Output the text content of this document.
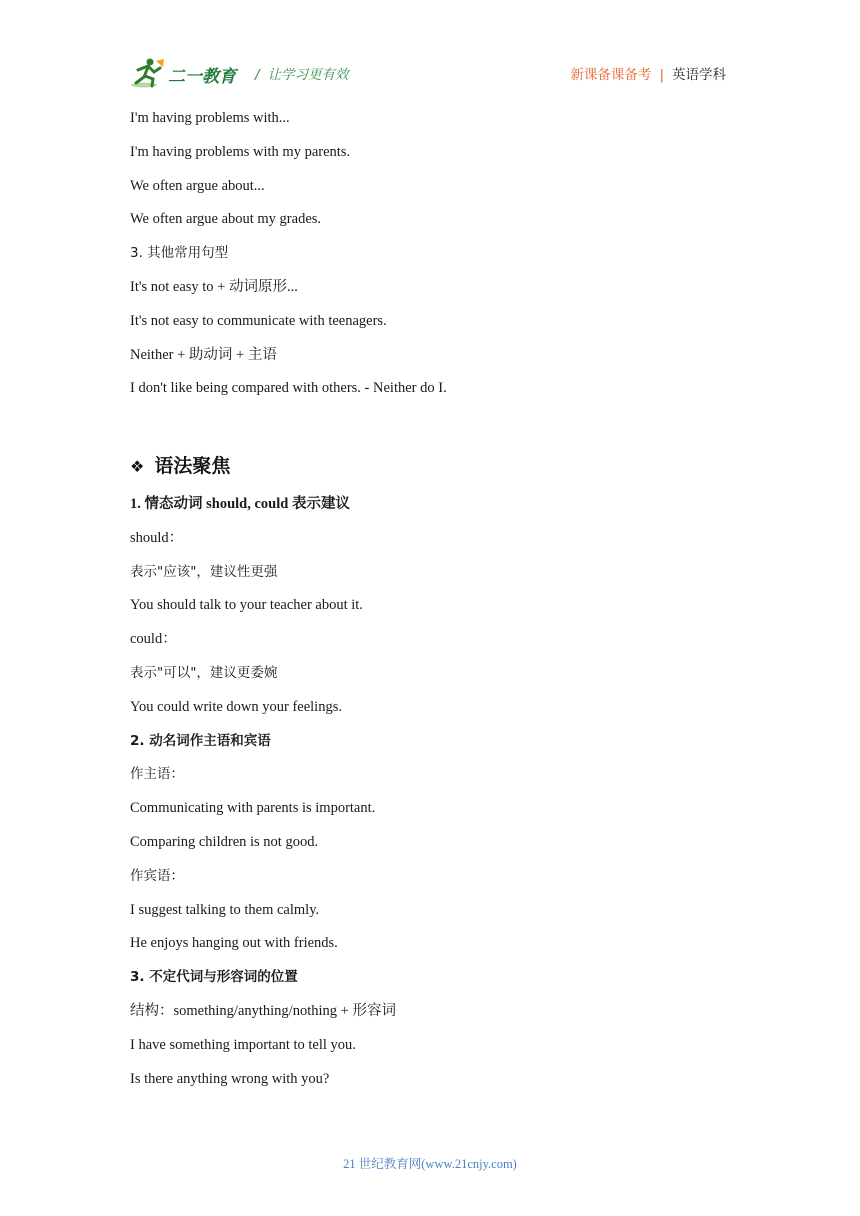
二一教育 / 让学习更有效	新课备课备考 | 英语学科
I'm having problems with...
I'm having problems with my parents.
We often argue about...
We often argue about my grades.
3. 其他常用句型
It's not easy to + 动词原形...
It's not easy to communicate with teenagers.
Neither + 助动词 + 主语
I don't like being compared with others. - Neither do I.
❖ 语法聚焦
1. 情态动词 should, could 表示建议
should：
表示"应该"，建议性更强
You should talk to your teacher about it.
could：
表示"可以"，建议更委婉
You could write down your feelings.
2. 动名词作主语和宾语
作主语：
Communicating with parents is important.
Comparing children is not good.
作宾语：
I suggest talking to them calmly.
He enjoys hanging out with friends.
3. 不定代词与形容词的位置
结构：something/anything/nothing + 形容词
I have something important to tell you.
Is there anything wrong with you?
21 世纪教育网(www.21cnjy.com)
